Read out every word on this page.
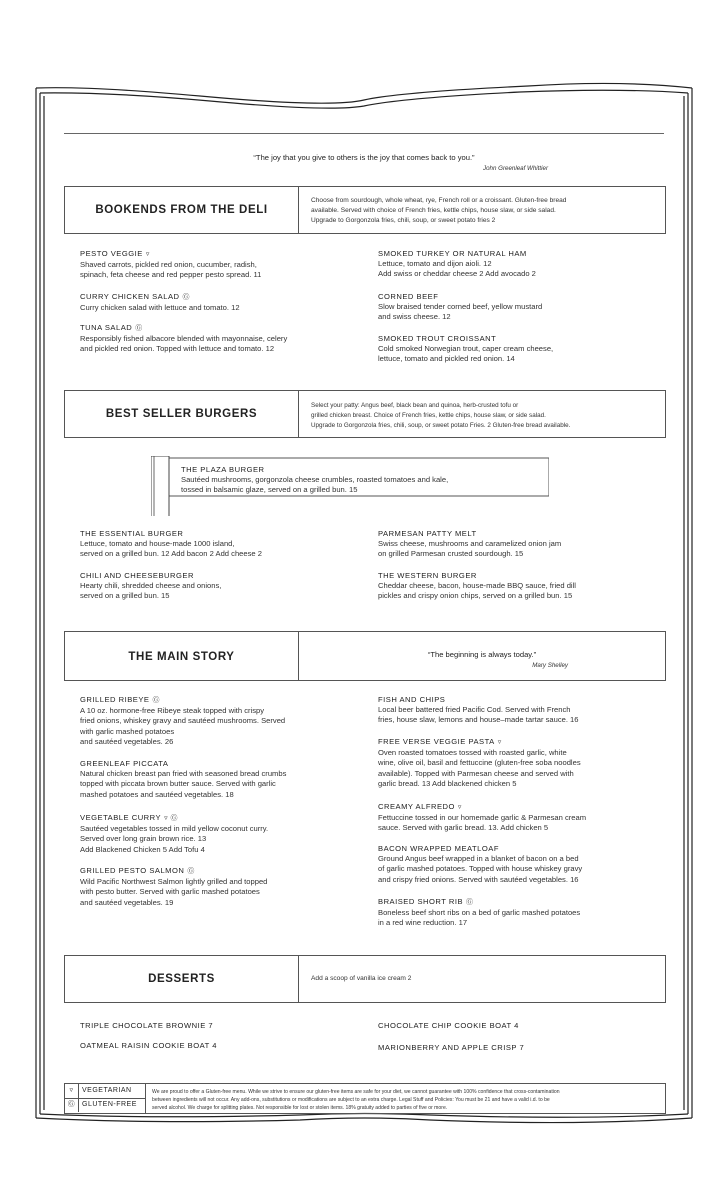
“The joy that you give to others is the joy that comes back to you.”
John Greenleaf Whittier
BOOKENDS FROM THE DELI
Choose from sourdough, whole wheat, rye, French roll or a croissant. Gluten-free bread
available. Served with choice of French fries, kettle chips, house slaw, or side salad.
Upgrade to Gorgonzola fries, chili, soup, or sweet potato fries 2
PESTO VEGGIE ▿
Shaved carrots, pickled red onion, cucumber, radish,
spinach, feta cheese and red pepper pesto spread. 11
CURRY CHICKEN SALAD Ⓖ
Curry chicken salad with lettuce and tomato. 12
TUNA SALAD Ⓖ
Responsibly fished albacore blended with mayonnaise, celery
and pickled red onion. Topped with lettuce and tomato. 12
SMOKED TURKEY OR NATURAL HAM
Lettuce, tomato and dijon aioli. 12
Add swiss or cheddar cheese 2 Add avocado 2
CORNED BEEF
Slow braised tender corned beef, yellow mustard
and swiss cheese. 12
SMOKED TROUT CROISSANT
Cold smoked Norwegian trout, caper cream cheese,
lettuce, tomato and pickled red onion. 14
BEST SELLER BURGERS
Select your patty: Angus beef, black bean and quinoa, herb-crusted tofu or
grilled chicken breast. Choice of French fries, kettle chips, house slaw, or side salad.
Upgrade to Gorgonzola fries, chili, soup, or sweet potato Fries. 2 Gluten-free bread available.
THE PLAZA BURGER
Sautéed mushrooms, gorgonzola cheese crumbles, roasted tomatoes and kale,
tossed in balsamic glaze, served on a grilled bun. 15
THE ESSENTIAL BURGER
Lettuce, tomato and house-made 1000 island,
served on a grilled bun. 12 Add bacon 2 Add cheese 2
CHILI AND CHEESEBURGER
Hearty chili, shredded cheese and onions,
served on a grilled bun. 15
PARMESAN PATTY MELT
Swiss cheese, mushrooms and caramelized onion jam
on grilled Parmesan crusted sourdough. 15
THE WESTERN BURGER
Cheddar cheese, bacon, house-made BBQ sauce, fried dill
pickles and crispy onion chips, served on a grilled bun. 15
THE MAIN STORY	“The beginning is always today.”
Mary Shelley
GRILLED RIBEYE Ⓖ
A 10 oz. hormone-free Ribeye steak topped with crispy
fried onions, whiskey gravy and sautéed mushrooms. Served
with garlic mashed potatoes
and sautéed vegetables. 26
GREENLEAF PICCATA
Natural chicken breast pan fried with seasoned bread crumbs
topped with piccata brown butter sauce. Served with garlic
mashed potatoes and sautéed vegetables. 18
VEGETABLE CURRY ▿ Ⓖ
Sautéed vegetables tossed in mild yellow coconut curry.
Served over long grain brown rice. 13
Add Blackened Chicken 5 Add Tofu 4
GRILLED PESTO SALMON Ⓖ
Wild Pacific Northwest Salmon lightly grilled and topped
with pesto butter. Served with garlic mashed potatoes
and sautéed vegetables. 19
FISH AND CHIPS
Local beer battered fried Pacific Cod. Served with French
fries, house slaw, lemons and house–made tartar sauce. 16
FREE VERSE VEGGIE PASTA ▿
Oven roasted tomatoes tossed with roasted garlic, white
wine, olive oil, basil and fettuccine (gluten-free soba noodles
available). Topped with Parmesan cheese and served with
garlic bread. 13 Add blackened chicken 5
CREAMY ALFREDO ▿
Fettuccine tossed in our homemade garlic & Parmesan cream
sauce. Served with garlic bread. 13. Add chicken 5
BACON WRAPPED MEATLOAF
Ground Angus beef wrapped in a blanket of bacon on a bed
of garlic mashed potatoes. Topped with house whiskey gravy
and crispy fried onions. Served with sautéed vegetables. 16
BRAISED SHORT RIB Ⓖ
Boneless beef short ribs on a bed of garlic mashed potatoes
in a red wine reduction. 17
DESSERTS	Add a scoop of vanilla ice cream 2
TRIPLE CHOCOLATE BROWNIE 7
OATMEAL RAISIN COOKIE BOAT 4
CHOCOLATE CHIP COOKIE BOAT 4
MARIONBERRY AND APPLE CRISP 7
▿	VEGETARIAN
Ⓖ GLUTEN-FREE
We are proud to offer a Gluten-free menu. While we strive to ensure our gluten-free items are safe for your diet, we cannot guarantee with 100% confidence that cross-contamination
between ingredients will not occur. Any add-ons, substitutions or modifications are subject to an extra charge. Legal Stuff and Policies: You must be 21 and have a valid i.d. to be
served alcohol. We charge for splitting plates. Not responsible for lost or stolen items. 18% gratuity added to parties of five or more.
